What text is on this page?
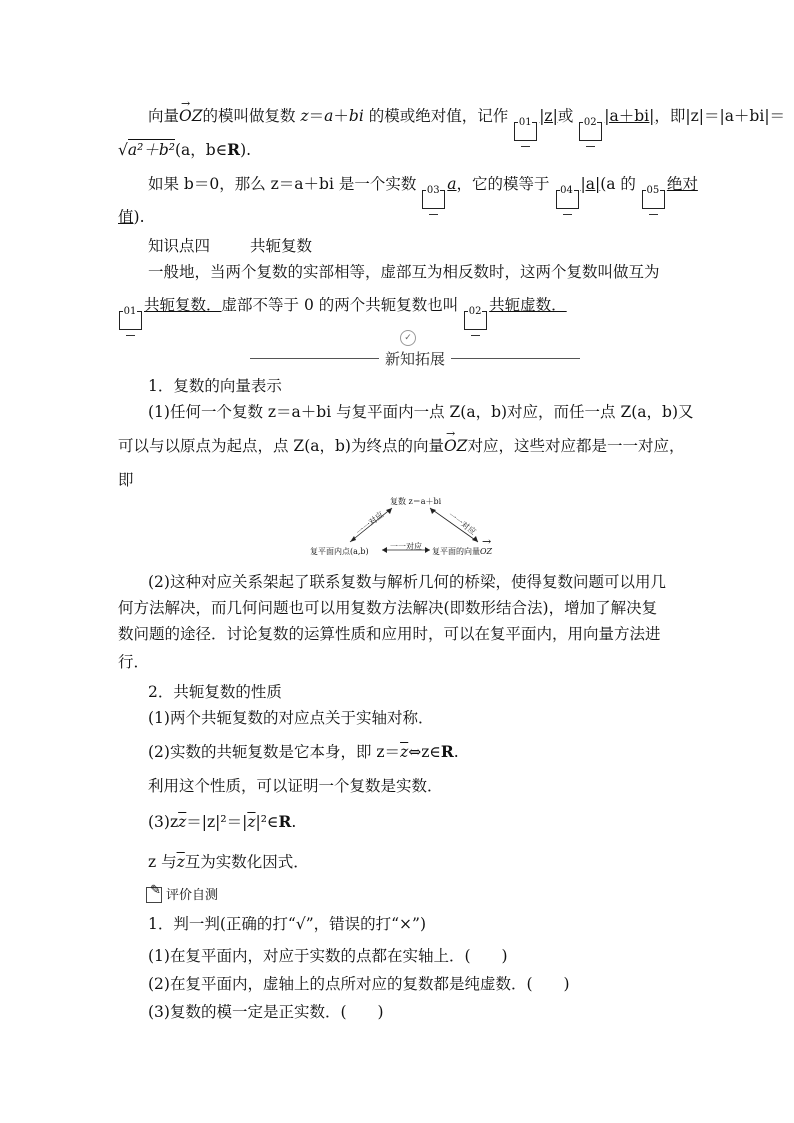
向量→ OZ的模叫做复数 z＝a＋bi 的模或绝对值，记作 01 |z|或 02 |a＋bi|，即|z|＝|a＋bi|＝
√a²＋b²(a，b∈R).
如果 b＝0，那么 z＝a＋bi 是一个实数 03 a，它的模等于 04 |a|(a 的 05 绝对
值).
知识点四	共轭复数
一般地，当两个复数的实部相等，虚部互为相反数时，这两个复数叫做互为
01 共轭复数．虚部不等于 0 的两个共轭复数也叫 02 共轭虚数．
✓
新知拓展
1．复数的向量表示
(1)任何一个复数 z＝a＋bi 与复平面内一点 Z(a，b)对应，而任一点 Z(a，b)又
可以与以原点为起点，点 Z(a，b)为终点的向量→ OZ对应，这些对应都是一一对应，
即
复数 z＝a＋bi
一一对应	一一对应
复平面内点(a,b)
一一对应
复平面的向量→ OZ
(2)这种对应关系架起了联系复数与解析几何的桥梁，使得复数问题可以用几
何方法解决，而几何问题也可以用复数方法解决(即数形结合法)，增加了解决复
数问题的途径．讨论复数的运算性质和应用时，可以在复平面内，用向量方法进
行．
2．共轭复数的性质
(1)两个共轭复数的对应点关于实轴对称．
(2)实数的共轭复数是它本身，即 $z=\overline{z}\Leftrightarrow z\in R$.
利用这个性质，可以证明一个复数是实数．
$(3)z\overline{z}=|z|^2=|\overline{z}|^2\in R$.
z 与$\overline{z}$互为实数化因式．
✎
评价自测
1．判一判(正确的打“√”，错误的打“×”)
(1)在复平面内，对应于实数的点都在实轴上．(　　)
(2)在复平面内，虚轴上的点所对应的复数都是纯虚数．(　　)
(3)复数的模一定是正实数．(　　)
